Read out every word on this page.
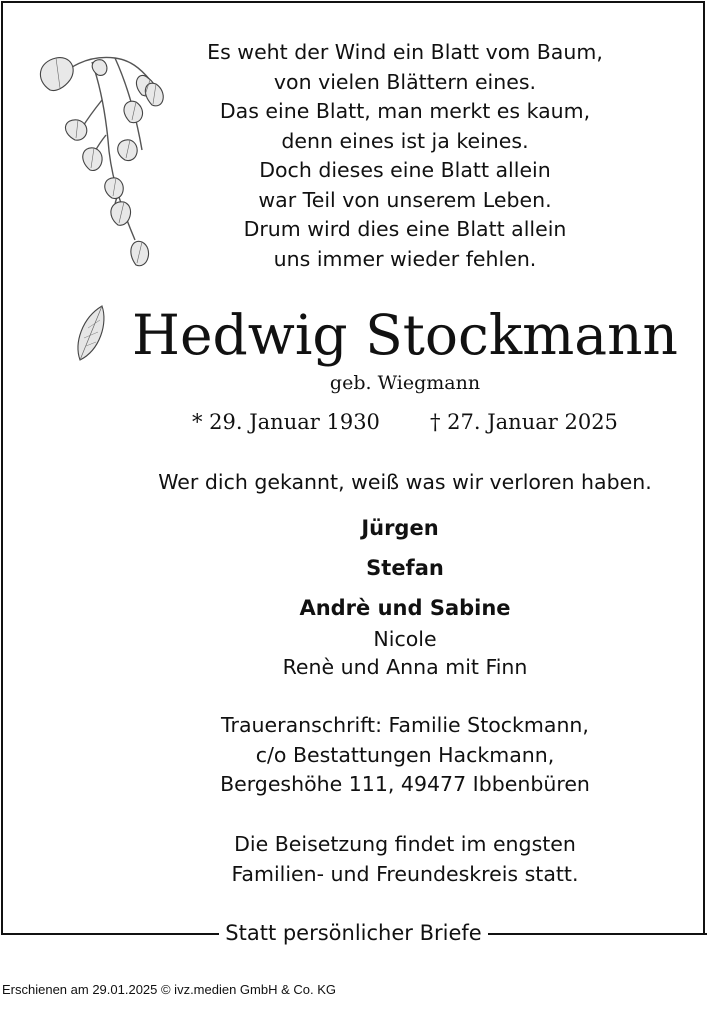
Es weht der Wind ein Blatt vom Baum,
von vielen Blättern eines.
Das eine Blatt, man merkt es kaum,
denn eines ist ja keines.
Doch dieses eine Blatt allein
war Teil von unserem Leben.
Drum wird dies eine Blatt allein
uns immer wieder fehlen.
Hedwig Stockmann
geb. Wiegmann
* 29. Januar 1930 † 27. Januar 2025
Wer dich gekannt, weiß was wir verloren haben.
Jürgen
Stefan
Andrè und Sabine
Nicole
Renè und Anna mit Finn
Traueranschrift: Familie Stockmann,
c/o Bestattungen Hackmann,
Bergeshöhe 111, 49477 Ibbenbüren
Die Beisetzung findet im engsten
Familien- und Freundeskreis statt.
Statt persönlicher Briefe
Erschienen am 29.01.2025 © ivz.medien GmbH & Co. KG
